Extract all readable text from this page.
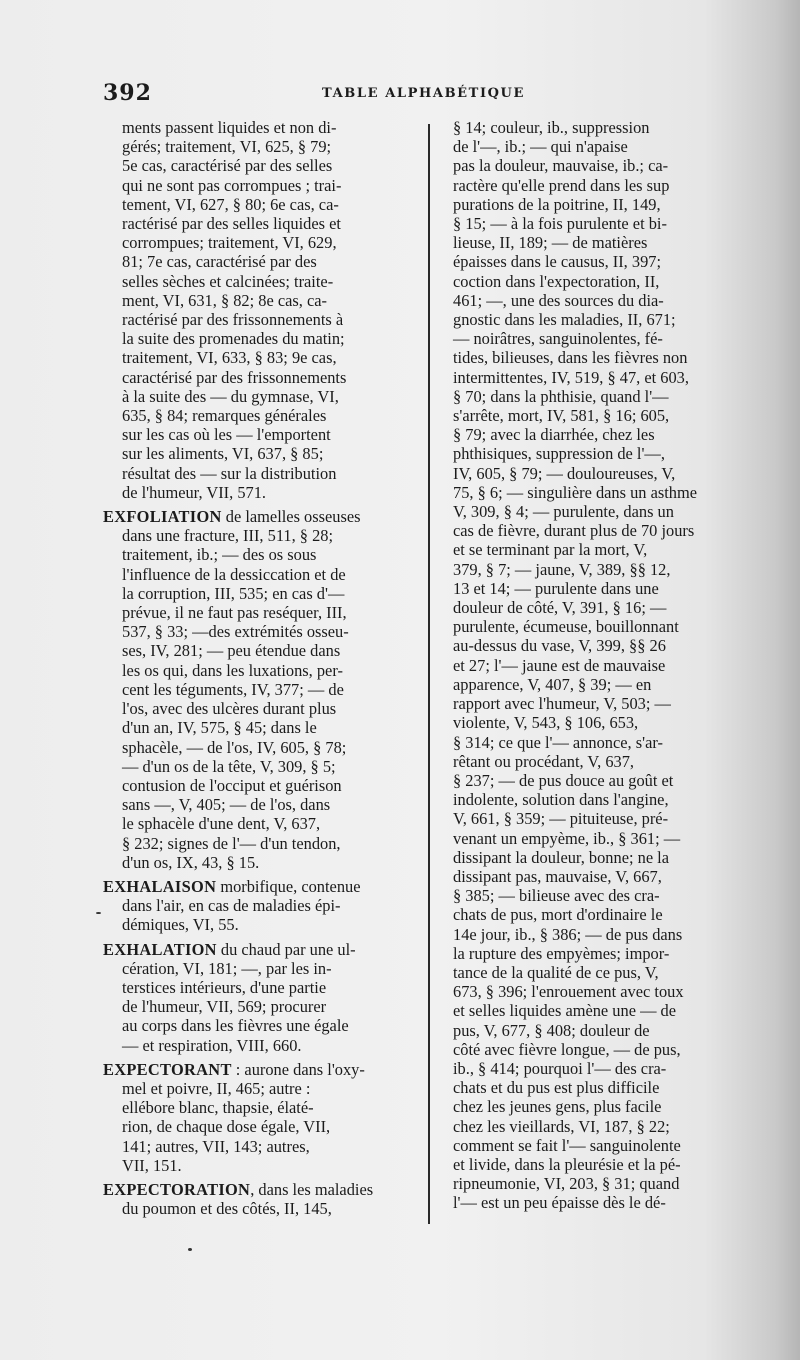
392	TABLE ALPHABÉTIQUE
ments passent liquides et non di-
gérés; traitement, VI, 625, § 79;
5e cas, caractérisé par des selles
qui ne sont pas corrompues ; trai-
tement, VI, 627, § 80; 6e cas, ca-
ractérisé par des selles liquides et
corrompues; traitement, VI, 629,
81; 7e cas, caractérisé par des
selles sèches et calcinées; traite-
ment, VI, 631, § 82; 8e cas, ca-
ractérisé par des frissonnements à
la suite des promenades du matin;
traitement, VI, 633, § 83; 9e cas,
caractérisé par des frissonnements
à la suite des — du gymnase, VI,
635, § 84; remarques générales
sur les cas où les — l'emportent
sur les aliments, VI, 637, § 85;
résultat des — sur la distribution
de l'humeur, VII, 571.
EXFOLIATION de lamelles osseuses
dans une fracture, III, 511, § 28;
traitement, ib.; — des os sous
l'influence de la dessiccation et de
la corruption, III, 535; en cas d'—
prévue, il ne faut pas reséquer, III,
537, § 33; —des extrémités osseu-
ses, IV, 281; — peu étendue dans
les os qui, dans les luxations, per-
cent les téguments, IV, 377; — de
l'os, avec des ulcères durant plus
d'un an, IV, 575, § 45; dans le
sphacèle, — de l'os, IV, 605, § 78;
— d'un os de la tête, V, 309, § 5;
contusion de l'occiput et guérison
sans —, V, 405; — de l'os, dans
le sphacèle d'une dent, V, 637,
§ 232; signes de l'— d'un tendon,
d'un os, IX, 43, § 15.
EXHALAISON morbifique, contenue
dans l'air, en cas de maladies épi-
démiques, VI, 55.
EXHALATION du chaud par une ul-
cération, VI, 181; —, par les in-
terstices intérieurs, d'une partie
de l'humeur, VII, 569; procurer
au corps dans les fièvres une égale
— et respiration, VIII, 660.
EXPECTORANT : aurone dans l'oxy-
mel et poivre, II, 465; autre :
ellébore blanc, thapsie, élaté-
rion, de chaque dose égale, VII,
141; autres, VII, 143; autres,
VII, 151.
EXPECTORATION, dans les maladies
du poumon et des côtés, II, 145,
§ 14; couleur, ib., suppression
de l'—, ib.; — qui n'apaise
pas la douleur, mauvaise, ib.; ca-
ractère qu'elle prend dans les sup
purations de la poitrine, II, 149,
§ 15; — à la fois purulente et bi-
lieuse, II, 189; — de matières
épaisses dans le causus, II, 397;
coction dans l'expectoration, II,
461; —, une des sources du dia-
gnostic dans les maladies, II, 671;
— noirâtres, sanguinolentes, fé-
tides, bilieuses, dans les fièvres non
intermittentes, IV, 519, § 47, et 603,
§ 70; dans la phthisie, quand l'—
s'arrête, mort, IV, 581, § 16; 605,
§ 79; avec la diarrhée, chez les
phthisiques, suppression de l'—,
IV, 605, § 79; — douloureuses, V,
75, § 6; — singulière dans un asthme
V, 309, § 4; — purulente, dans un
cas de fièvre, durant plus de 70 jours
et se terminant par la mort, V,
379, § 7; — jaune, V, 389, §§ 12,
13 et 14; — purulente dans une
douleur de côté, V, 391, § 16; —
purulente, écumeuse, bouillonnant
au-dessus du vase, V, 399, §§ 26
et 27; l'— jaune est de mauvaise
apparence, V, 407, § 39; — en
rapport avec l'humeur, V, 503; —
violente, V, 543, § 106, 653,
§ 314; ce que l'— annonce, s'ar-
rêtant ou procédant, V, 637,
§ 237; — de pus douce au goût et
indolente, solution dans l'angine,
V, 661, § 359; — pituiteuse, pré-
venant un empyème, ib., § 361; —
dissipant la douleur, bonne; ne la
dissipant pas, mauvaise, V, 667,
§ 385; — bilieuse avec des cra-
chats de pus, mort d'ordinaire le
14e jour, ib., § 386; — de pus dans
la rupture des empyèmes; impor-
tance de la qualité de ce pus, V,
673, § 396; l'enrouement avec toux
et selles liquides amène une — de
pus, V, 677, § 408; douleur de
côté avec fièvre longue, — de pus,
ib., § 414; pourquoi l'— des cra-
chats et du pus est plus difficile
chez les jeunes gens, plus facile
chez les vieillards, VI, 187, § 22;
comment se fait l'— sanguinolente
et livide, dans la pleurésie et la pé-
ripneumonie, VI, 203, § 31; quand
l'— est un peu épaisse dès le dé-
